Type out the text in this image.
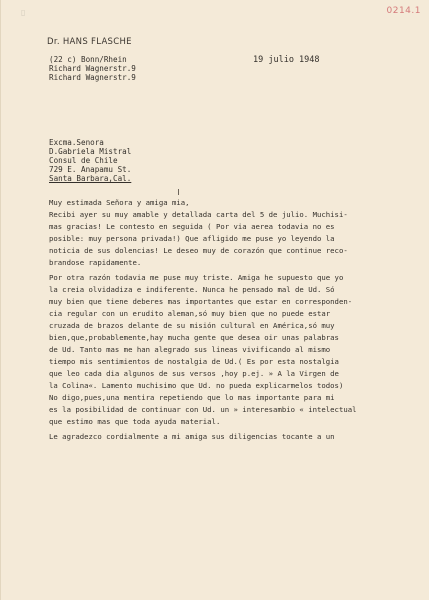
▯	0214.1
Dr. HANS FLASCHE
(22 c) Bonn/Rhein
Richard Wagnerstr.9
Richard Wagnerstr.9
19 julio 1948
Excma.Senora
D.Gabriela Mistral
Consul de Chile
729 E. Anapamu St.
Santa Barbara,Cal.
Muy estimada Señora y amiga mia,
Recibi ayer su muy amable y detallada carta del 5 de julio. Muchisi-
mas gracias! Le contesto en seguida ( Por via aerea todavia no es
posible: muy persona privada!) Que afligido me puse yo leyendo la
noticia de sus dolencias! Le deseo muy de corazón que continue reco-
brandose rapidamente.
Por otra razón todavia me puse muy triste. Amiga he supuesto que yo
la creia olvidadiza e indiferente. Nunca he pensado mal de Ud. Só
muy bien que tiene deberes mas importantes que estar en corresponden-
cia regular con un erudito aleman,só muy bien que no puede estar
cruzada de brazos delante de su misión cultural en América,só muy
bien,que,probablemente,hay mucha gente que desea oir unas palabras
de Ud. Tanto mas me han alegrado sus lineas vivificando al mismo
tiempo mis sentimientos de nostalgia de Ud.( Es por esta nostalgia
que leo cada dia algunos de sus versos ,hoy p.ej. » A la Virgen de
la Colina«. Lamento muchisimo que Ud. no pueda explicarmelos todos)
No digo,pues,una mentira repetiendo que lo mas importante para mi
es la posibilidad de continuar con Ud. un » interesambio « intelectual
que estimo mas que toda ayuda material.
Le agradezco cordialmente a mi amiga sus diligencias tocante a un
